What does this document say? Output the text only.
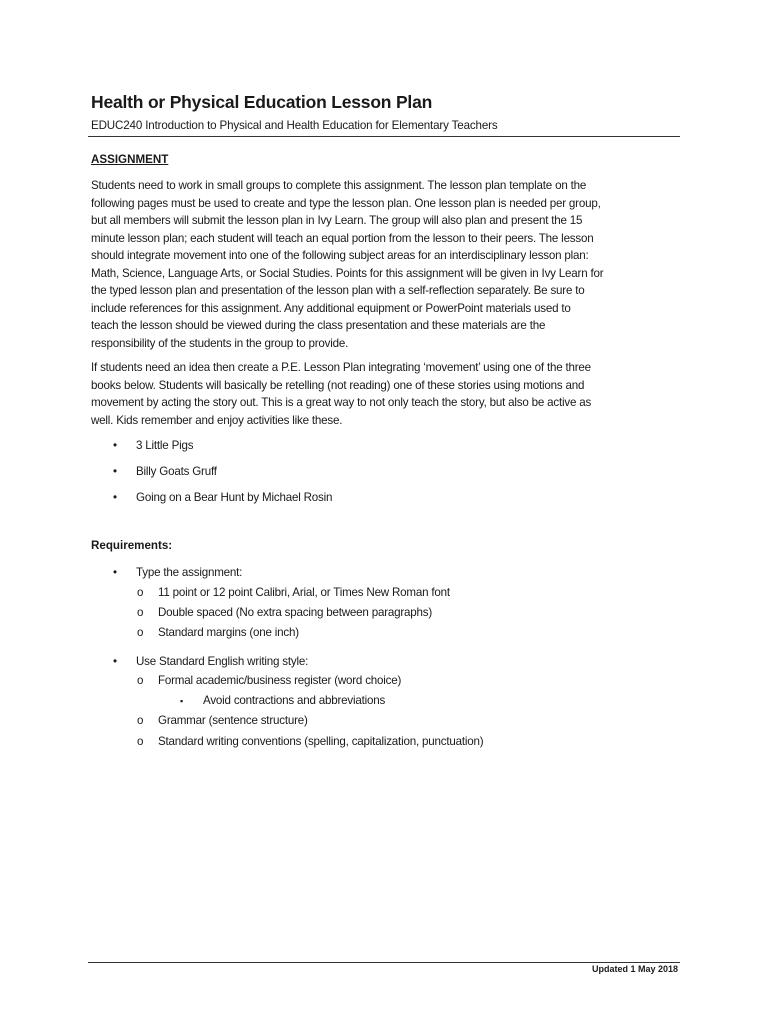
Health or Physical Education Lesson Plan
EDUC240 Introduction to Physical and Health Education for Elementary Teachers
ASSIGNMENT
Students need to work in small groups to complete this assignment. The lesson plan template on the
following pages must be used to create and type the lesson plan. One lesson plan is needed per group,
but all members will submit the lesson plan in Ivy Learn. The group will also plan and present the 15
minute lesson plan; each student will teach an equal portion from the lesson to their peers. The lesson
should integrate movement into one of the following subject areas for an interdisciplinary lesson plan:
Math, Science, Language Arts, or Social Studies. Points for this assignment will be given in Ivy Learn for
the typed lesson plan and presentation of the lesson plan with a self-reflection separately. Be sure to
include references for this assignment. Any additional equipment or PowerPoint materials used to
teach the lesson should be viewed during the class presentation and these materials are the
responsibility of the students in the group to provide.
If students need an idea then create a P.E. Lesson Plan integrating ‘movement’ using one of the three
books below. Students will basically be retelling (not reading) one of these stories using motions and
movement by acting the story out. This is a great way to not only teach the story, but also be active as
well. Kids remember and enjoy activities like these.
• 3 Little Pigs
• Billy Goats Gruff
• Going on a Bear Hunt by Michael Rosin
Requirements:
• Type the assignment:
o 11 point or 12 point Calibri, Arial, or Times New Roman font
o Double spaced (No extra spacing between paragraphs)
o Standard margins (one inch)
• Use Standard English writing style:
o Formal academic/business register (word choice)
▪ Avoid contractions and abbreviations
o Grammar (sentence structure)
o Standard writing conventions (spelling, capitalization, punctuation)
Updated 1 May 2018
